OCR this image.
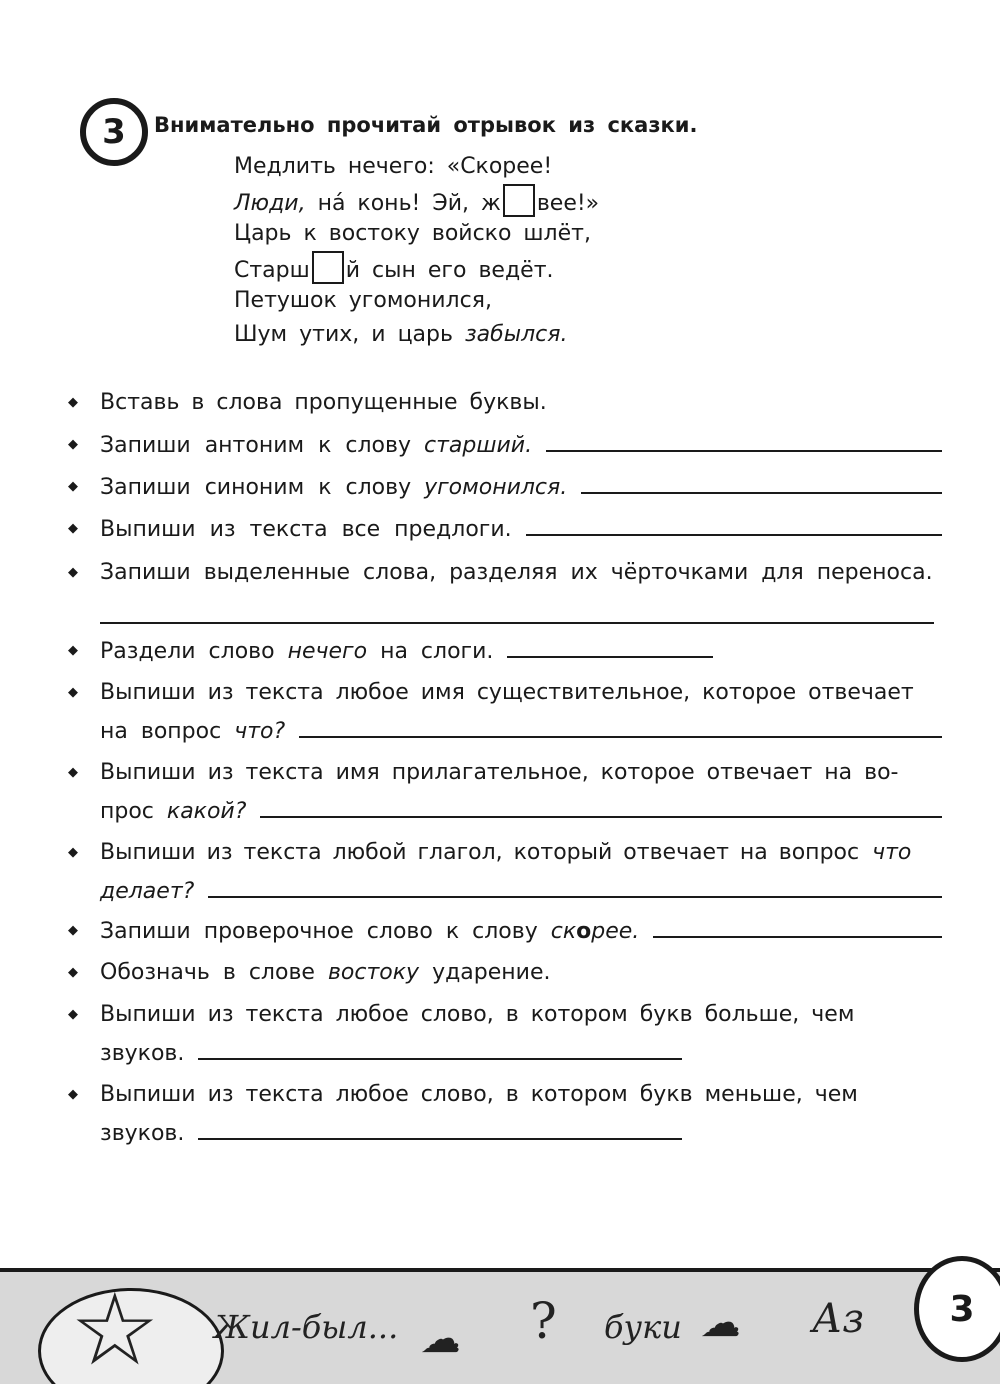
3 Внимательно прочитай отрывок из сказки.
Медлить нечего: «Скорее!
Люди, на́ конь! Эй, ж вее!»
Царь к востоку войско шлёт,
Старш й сын его ведёт.
Петушок угомонился,
Шум утих, и царь забылся.
◆ Вставь в слова пропущенные буквы.
◆ Запиши антоним к слову старший.
◆ Запиши синоним к слову угомонился.
◆ Выпиши из текста все предлоги.
◆ Запиши выделенные слова, разделяя их чёрточками для переноса.
◆ Раздели слово нечего на слоги.
◆ Выпиши из текста любое имя существительное, которое отвечает
на вопрос что?
◆ Выпиши из текста имя прилагательное, которое отвечает на во-
прос какой?
◆ Выпиши из текста любой глагол, который отвечает на вопрос что
делает?
◆ Запиши проверочное слово к слову ск о рее.
◆ Обозначь в слове востоку ударение.
◆ Выпиши из текста любое слово, в котором букв больше, чем
звуков.
◆ Выпиши из текста любое слово, в котором букв меньше, чем
звуков.
☆ Жил-был... ☁ ? буки ☁ Аз 3
